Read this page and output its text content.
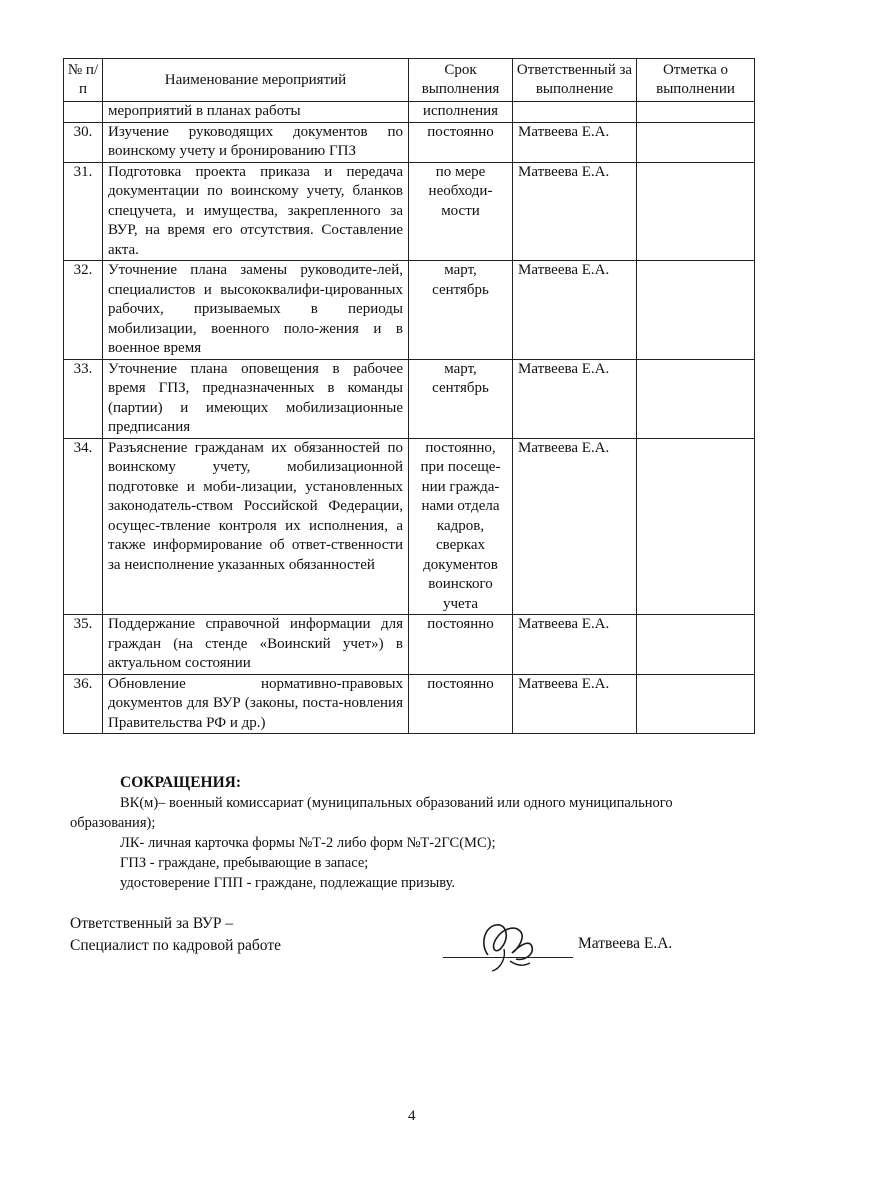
№ п/п	Наименование мероприятий	Срок выполнения	Ответственный за выполнение	Отметка о выполнении
	мероприятий в планах работы	исполнения		
30.	Изучение руководящих документов по воинскому учету и бронированию ГПЗ	постоянно	Матвеева Е.А.	
31.	Подготовка проекта приказа и передача документации по воинскому учету, бланков спецучета, и имущества, закрепленного за ВУР, на время его отсутствия. Составление акта.	по мере необходи-мости	Матвеева Е.А.	
32.	Уточнение плана замены руководите-лей, специалистов и высококвалифи-цированных рабочих, призываемых в периоды мобилизации, военного поло-жения и в военное время	март, сентябрь	Матвеева Е.А.	
33.	Уточнение плана оповещения в рабочее время ГПЗ, предназначенных в команды (партии) и имеющих мобилизационные предписания	март, сентябрь	Матвеева Е.А.	
34.	Разъяснение гражданам их обязанностей по воинскому учету, мобилизационной подготовке и моби-лизации, установленных законодатель-ством Российской Федерации, осущес-твление контроля их исполнения, а также информирование об ответ-ственности за неисполнение указанных обязанностей	постоянно, при посеще-нии гражда-нами отдела кадров, сверках документов воинского учета	Матвеева Е.А.	
35.	Поддержание справочной информации для граждан (на стенде «Воинский учет») в актуальном состоянии	постоянно	Матвеева Е.А.	
36.	Обновление нормативно-правовых документов для ВУР (законы, поста-новления Правительства РФ и др.)	постоянно	Матвеева Е.А.	
СОКРАЩЕНИЯ:
ВК(м)– военный комиссариат (муниципальных образований или одного муниципального образования);
ЛК- личная карточка формы №Т-2 либо форм №Т-2ГС(МС);
ГПЗ - граждане, пребывающие в запасе;
удостоверение ГПП - граждане, подлежащие призыву.
Ответственный за ВУР –
Специалист по кадровой работе	Матвеева Е.А.
4
